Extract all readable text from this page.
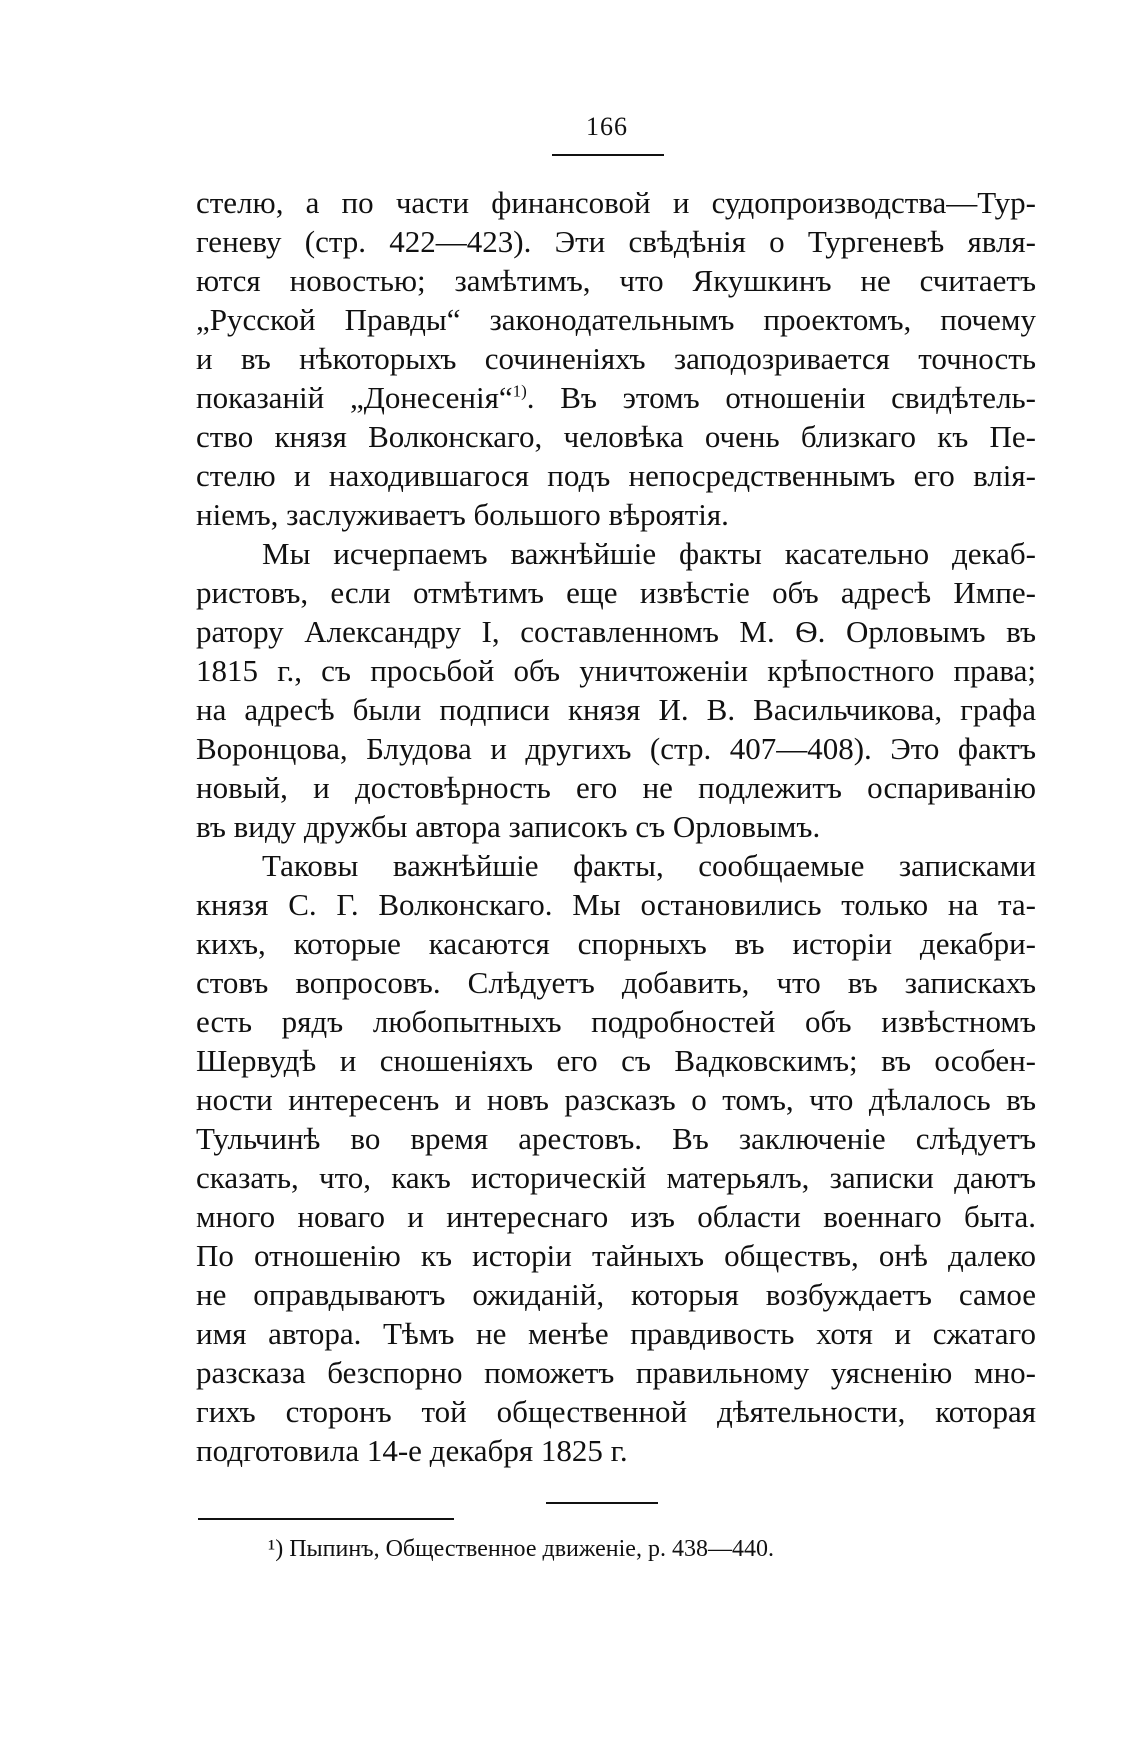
166
стелю, а по части финансовой и судопроизводства—Тур-
геневу (стр. 422—423). Эти свѣдѣнія о Тургеневѣ явля-
ются новостью; замѣтимъ, что Якушкинъ не считаетъ
„Русской Правды“ законодательнымъ проектомъ, почему
и въ нѣкоторыхъ сочиненіяхъ заподозривается точность
показаній „Донесенія“$^{1)}$. Въ этомъ отношеніи свидѣтель-
ство князя Волконскаго, человѣка очень близкаго къ Пе-
стелю и находившагося подъ непосредственнымъ его влія-
ніемъ, заслуживаетъ большого вѣроятія.
Мы исчерпаемъ важнѣйшіе факты касательно декаб-
ристовъ, если отмѣтимъ еще извѣстіе объ адресѣ Импе-
ратору Александру I, составленномъ М. Ѳ. Орловымъ въ
1815 г., съ просьбой объ уничтоженіи крѣпостного права;
на адресѣ были подписи князя И. В. Васильчикова, графа
Воронцова, Блудова и другихъ (стр. 407—408). Это фактъ
новый, и достовѣрность его не подлежитъ оспариванію
въ виду дружбы автора записокъ съ Орловымъ.
Таковы важнѣйшіе факты, сообщаемые записками
князя С. Г. Волконскаго. Мы остановились только на та-
кихъ, которые касаются спорныхъ въ исторіи декабри-
стовъ вопросовъ. Слѣдуетъ добавить, что въ запискахъ
есть рядъ любопытныхъ подробностей объ извѣстномъ
Шервудѣ и сношеніяхъ его съ Вадковскимъ; въ особен-
ности интересенъ и новъ разсказъ о томъ, что дѣлалось въ
Тульчинѣ во время арестовъ. Въ заключеніе слѣдуетъ
сказать, что, какъ историческій матерьялъ, записки даютъ
много новаго и интереснаго изъ области военнаго быта.
По отношенію къ исторіи тайныхъ обществъ, онѣ далеко
не оправдываютъ ожиданій, которыя возбуждаетъ самое
имя автора. Тѣмъ не менѣе правдивость хотя и сжатаго
разсказа безспорно поможетъ правильному уясненію мно-
гихъ сторонъ той общественной дѣятельности, которая
подготовила 14-е декабря 1825 г.
¹) Пыпинъ, Общественное движеніе, р. 438—440.
